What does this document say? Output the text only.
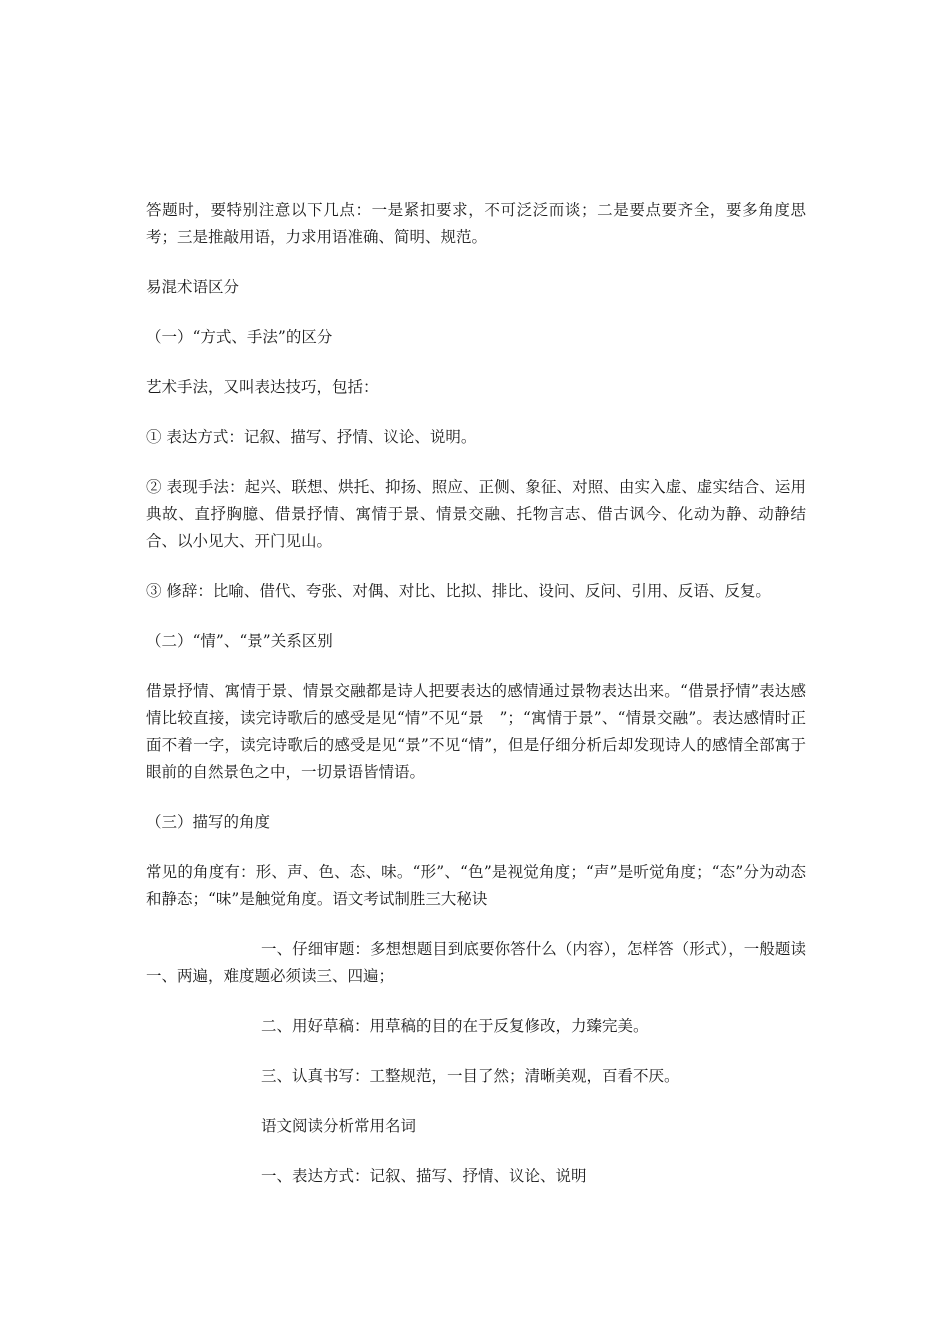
答题时，要特别注意以下几点：一是紧扣要求，不可泛泛而谈；二是要点要齐全，要多角度思考；三是推敲用语，力求用语准确、简明、规范。

易混术语区分

（一）“方式、手法”的区分

艺术手法，又叫表达技巧，包括：

① 表达方式：记叙、描写、抒情、议论、说明。

② 表现手法：起兴、联想、烘托、抑扬、照应、正侧、象征、对照、由实入虚、虚实结合、运用典故、直抒胸臆、借景抒情、寓情于景、情景交融、托物言志、借古讽今、化动为静、动静结合、以小见大、开门见山。

③ 修辞：比喻、借代、夸张、对偶、对比、比拟、排比、设问、反问、引用、反语、反复。

（二）“情”、“景”关系区别

借景抒情、寓情于景、情景交融都是诗人把要表达的感情通过景物表达出来。“借景抒情”表达感情比较直接，读完诗歌后的感受是见“情”不见“景　”；“寓情于景”、“情景交融”。表达感情时正面不着一字，读完诗歌后的感受是见“景”不见“情”，但是仔细分析后却发现诗人的感情全部寓于眼前的自然景色之中，一切景语皆情语。

（三）描写的角度

常见的角度有：形、声、色、态、味。“形”、“色”是视觉角度；“声”是听觉角度；“态”分为动态和静态；“味”是触觉角度。语文考试制胜三大秘诀

一、仔细审题：多想想题目到底要你答什么（内容），怎样答（形式），一般题读一、两遍，难度题必须读三、四遍；

二、用好草稿：用草稿的目的在于反复修改，力臻完美。

三、认真书写：工整规范，一目了然；清晰美观，百看不厌。

语文阅读分析常用名词

一、表达方式：记叙、描写、抒情、议论、说明
